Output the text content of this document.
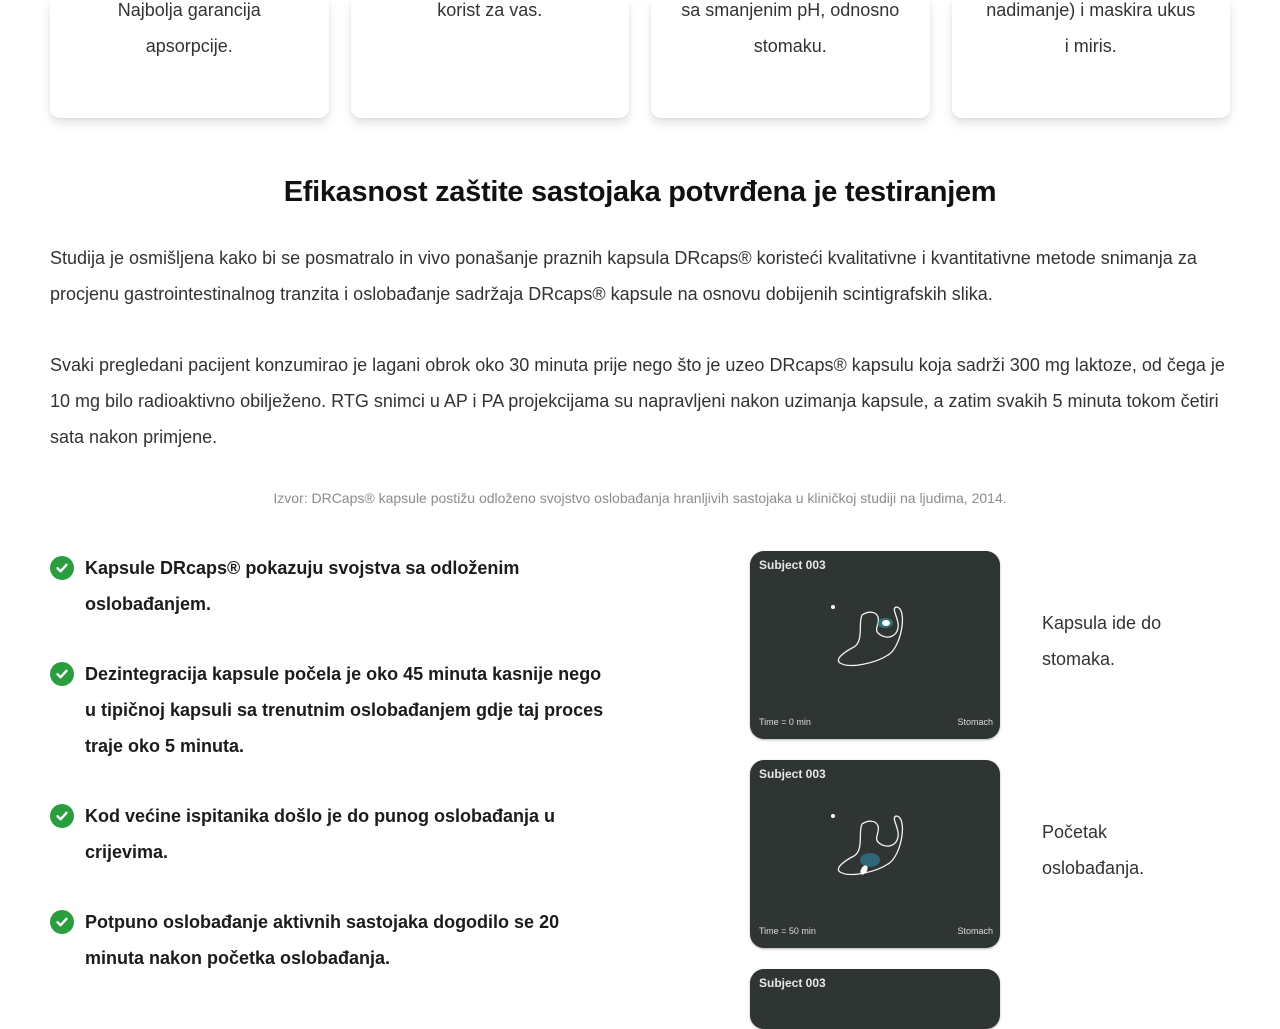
Najbolja garancija
apsorpcije.
korist za vas.	sa smanjenim pH, odnosno
stomaku.
nadimanje) i maskira ukus
i miris.
Efikasnost zaštite sastojaka potvrđena je testiranjem

Studija je osmišljena kako bi se posmatralo in vivo ponašanje praznih kapsula DRcaps® koristeći kvalitativne i kvantitativne metode snimanja za procjenu gastrointestinalnog tranzita i oslobađanje sadržaja DRcaps® kapsule na osnovu dobijenih scintigrafskih slika.

Svaki pregledani pacijent konzumirao je lagani obrok oko 30 minuta prije nego što je uzeo DRcaps® kapsulu koja sadrži 300 mg laktoze, od čega je 10 mg bilo radioaktivno obilježeno. RTG snimci u AP i PA projekcijama su napravljeni nakon uzimanja kapsule, a zatim svakih 5 minuta tokom četiri sata nakon primjene.

Izvor: DRCaps® kapsule postižu odloženo svojstvo oslobađanja hranljivih sastojaka u kliničkoj studiji na ljudima, 2014.
Kapsule DRcaps® pokazuju svojstva sa odloženim oslobađanjem.
Dezintegracija kapsule počela je oko 45 minuta kasnije nego u tipičnoj kapsuli sa trenutnim oslobađanjem gdje taj proces traje oko 5 minuta.
Kod većine ispitanika došlo je do punog oslobađanja u crijevima.
Potpuno oslobađanje aktivnih sastojaka dogodilo se 20 minuta nakon početka oslobađanja.
Subject 003
Time = 0 min	Stomach
Kapsula ide do stomaka.
Subject 003
Time = 50 min	Stomach
Početak oslobađanja.
Subject 003
